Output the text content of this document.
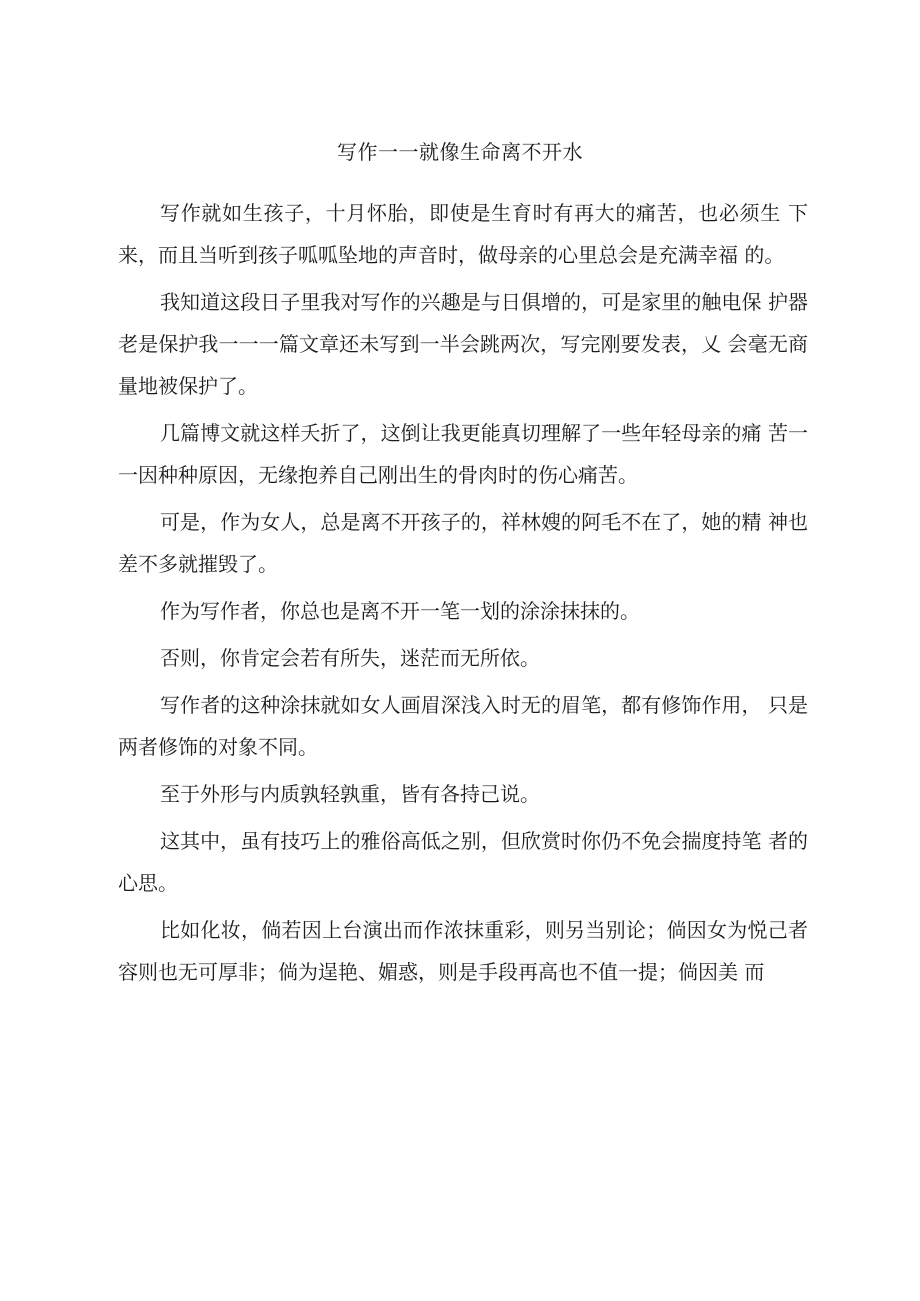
写作一一就像生命离不开水

写作就如生孩子，十月怀胎，即使是生育时有再大的痛苦，也必须生 下来，而且当听到孩子呱呱坠地的声音时，做母亲的心里总会是充满幸福 的。

我知道这段日子里我对写作的兴趣是与日俱增的，可是家里的触电保 护器老是保护我一一一篇文章还未写到一半会跳两次，写完刚要发表，乂 会毫无商量地被保护了。

几篇博文就这样夭折了，这倒让我更能真切理解了一些年轻母亲的痛 苦一一因种种原因，无缘抱养自己刚出生的骨肉时的伤心痛苦。

可是，作为女人，总是离不开孩子的，祥林嫂的阿毛不在了，她的精 神也差不多就摧毁了。

作为写作者，你总也是离不开一笔一划的涂涂抹抹的。

否则，你肯定会若有所失，迷茫而无所依。

写作者的这种涂抹就如女人画眉深浅入时无的眉笔，都有修饰作用， 只是两者修饰的对象不同。

至于外形与内质孰轻孰重，皆有各持己说。

这其中，虽有技巧上的雅俗高低之别，但欣赏时你仍不免会揣度持笔 者的心思。

比如化妆，倘若因上台演出而作浓抹重彩，则另当别论；倘因女为悦己者容则也无可厚非；倘为逞艳、媚惑，则是手段再高也不值一提；倘因美 而
